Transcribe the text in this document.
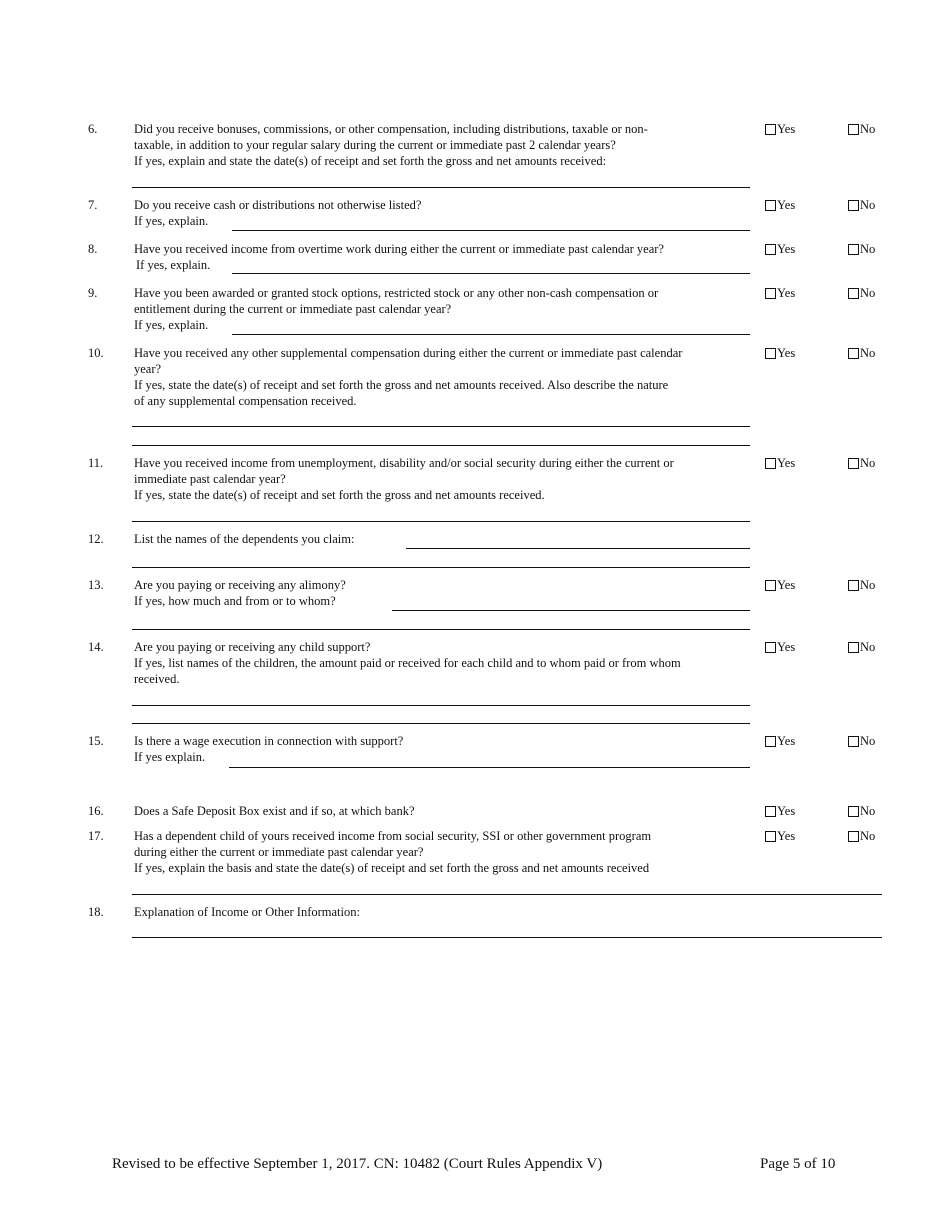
6.	Did you receive bonuses, commissions, or other compensation, including distributions, taxable or non-
taxable, in addition to your regular salary during the current or immediate past 2 calendar years?
If yes, explain and state the date(s) of receipt and set forth the gross and net amounts received:
Yes	No
7.	Do you receive cash or distributions not otherwise listed?
If yes, explain.
Yes	No
8.	Have you received income from overtime work during either the current or immediate past calendar year?
If yes, explain.
Yes	No
9.	Have you been awarded or granted stock options, restricted stock or any other non-cash compensation or
entitlement during the current or immediate past calendar year?
If yes, explain.
Yes	No
10. Have you received any other supplemental compensation during either the current or immediate past calendar
year?
If yes, state the date(s) of receipt and set forth the gross and net amounts received. Also describe the nature
of any supplemental compensation received.
Yes	No
11. Have you received income from unemployment, disability and/or social security during either the current or
immediate past calendar year?
If yes, state the date(s) of receipt and set forth the gross and net amounts received.
Yes	No
12. List the names of the dependents you claim:
13. Are you paying or receiving any alimony?
If yes, how much and from or to whom?
Yes	No
14. Are you paying or receiving any child support?
If yes, list names of the children, the amount paid or received for each child and to whom paid or from whom
received.
Yes	No
15. Is there a wage execution in connection with support?
If yes explain.
Yes	No
16. Does a Safe Deposit Box exist and if so, at which bank?	Yes	No
17. Has a dependent child of yours received income from social security, SSI or other government program
during either the current or immediate past calendar year?
If yes, explain the basis and state the date(s) of receipt and set forth the gross and net amounts received
Yes	No
18. Explanation of Income or Other Information:
Revised to be effective September 1, 2017. CN: 10482 (Court Rules Appendix V)	Page 5 of 10
